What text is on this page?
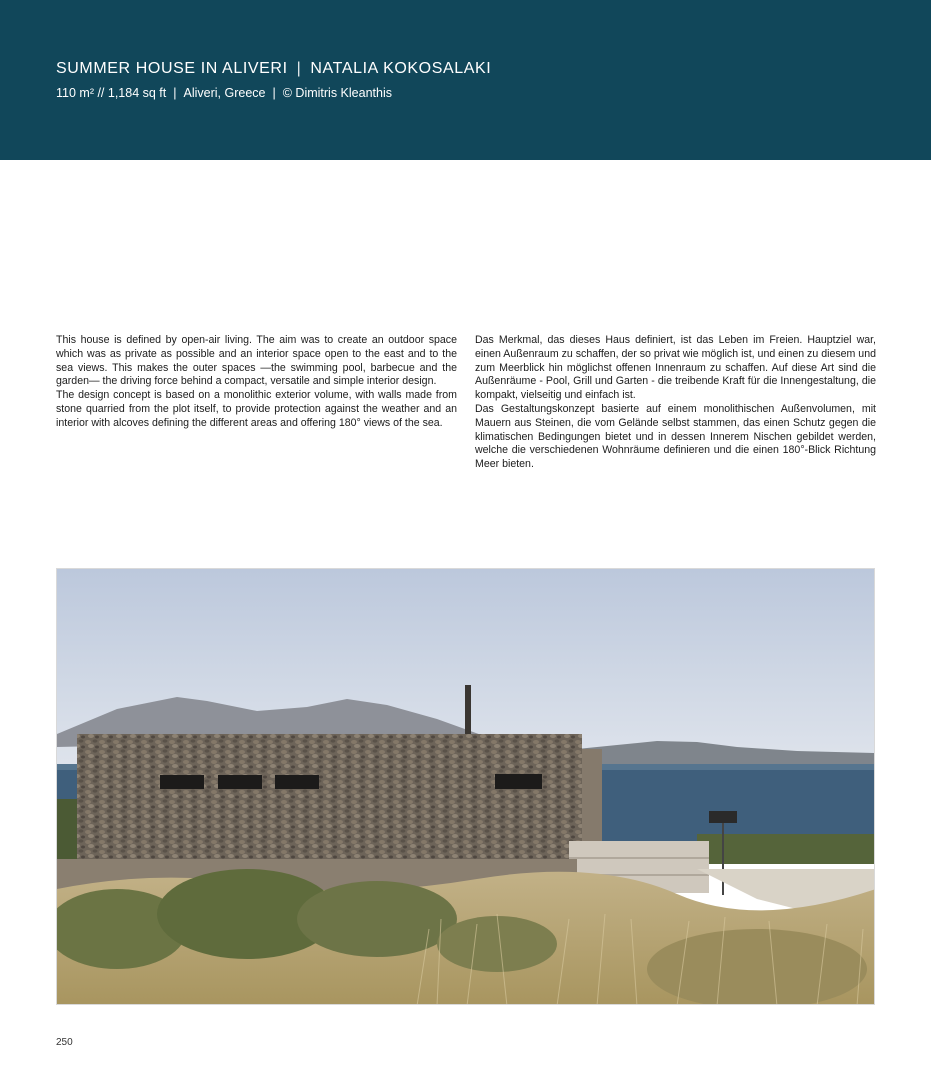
SUMMER HOUSE IN ALIVERI | NATALIA KOKOSALAKI
110 m² // 1,184 sq ft | Aliveri, Greece | © Dimitris Kleanthis

This house is defined by open-air living. The aim was to create an outdoor space which was as private as possible and an interior space open to the east and to the sea views. This makes the outer spaces —the swimming pool, barbecue and the garden— the driving force behind a compact, versatile and simple interior design.

The design concept is based on a monolithic exterior volume, with walls made from stone quarried from the plot itself, to provide protection against the weather and an interior with alcoves defining the different areas and offering 180° views of the sea.

Das Merkmal, das dieses Haus definiert, ist das Leben im Freien. Hauptziel war, einen Außenraum zu schaffen, der so privat wie möglich ist, und einen zu diesem und zum Meerblick hin möglichst offenen Innenraum zu schaffen. Auf diese Art sind die Außenräume - Pool, Grill und Garten - die treibende Kraft für die Innengestaltung, die kompakt, vielseitig und einfach ist.

Das Gestaltungskonzept basierte auf einem monolithischen Außenvolumen, mit Mauern aus Steinen, die vom Gelände selbst stammen, das einen Schutz gegen die klimatischen Bedingungen bietet und in dessen Innerem Nischen gebildet werden, welche die verschiedenen Wohnräume definieren und die einen 180°-Blick Richtung Meer bieten.

250
